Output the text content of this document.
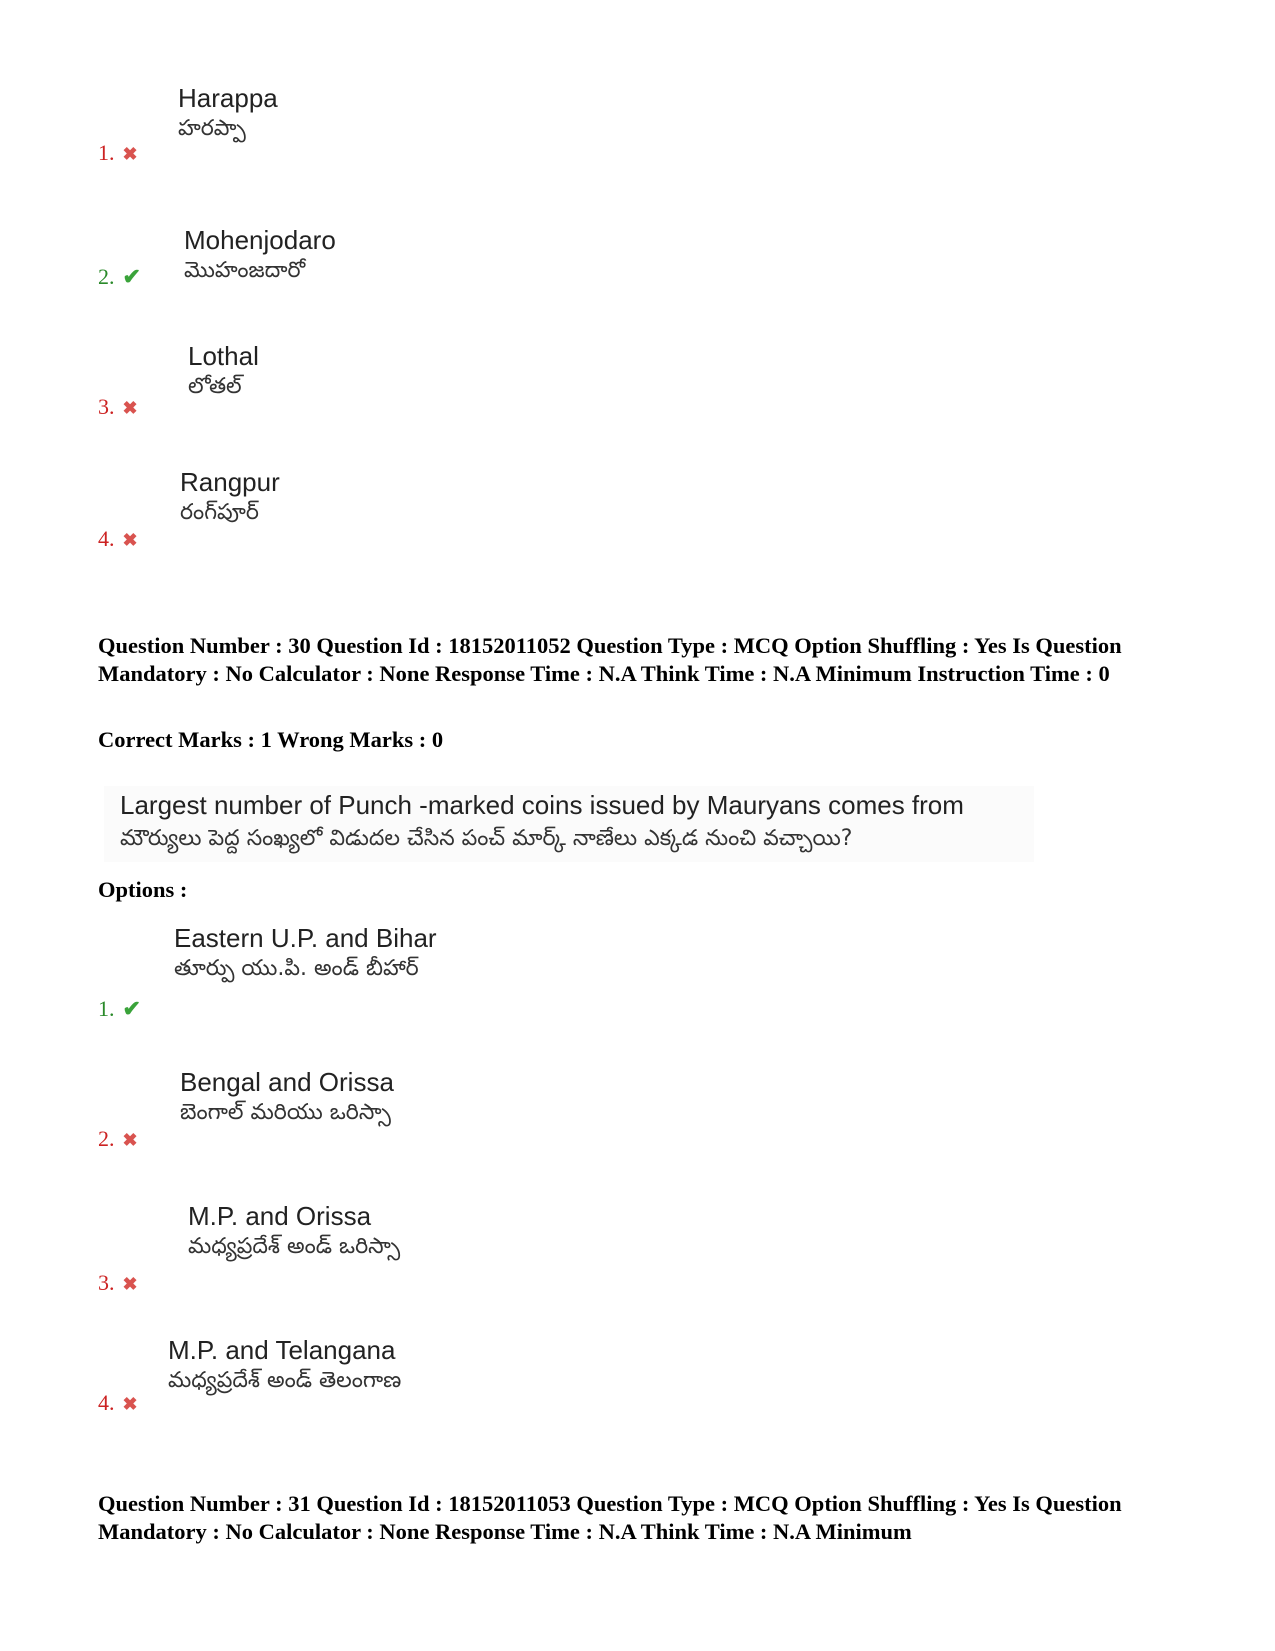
1. ✖
Harappa
హరప్పా
2. ✔
Mohenjodaro
మొహంజదారో
3. ✖
Lothal
లోతల్
4. ✖
Rangpur
రంగ్‌పూర్
Question Number : 30 Question Id : 18152011052 Question Type : MCQ Option Shuffling : Yes Is Question Mandatory : No Calculator : None Response Time : N.A Think Time : N.A Minimum Instruction Time : 0
Correct Marks : 1 Wrong Marks : 0
Largest number of Punch -marked coins issued by Mauryans comes from
మౌర్యులు పెద్ద సంఖ్యలో విడుదల చేసిన పంచ్ మార్క్ నాణేలు ఎక్కడ నుంచి వచ్చాయి?
Options :
1. ✔
Eastern U.P. and Bihar
తూర్పు యు.పి. అండ్ బీహార్
2. ✖
Bengal and Orissa
బెంగాల్ మరియు ఒరిస్సా
3. ✖
M.P. and Orissa
మధ్యప్రదేశ్ అండ్ ఒరిస్సా
4. ✖
M.P. and Telangana
మధ్యప్రదేశ్ అండ్ తెలంగాణ
Question Number : 31 Question Id : 18152011053 Question Type : MCQ Option Shuffling : Yes Is Question Mandatory : No Calculator : None Response Time : N.A Think Time : N.A Minimum
